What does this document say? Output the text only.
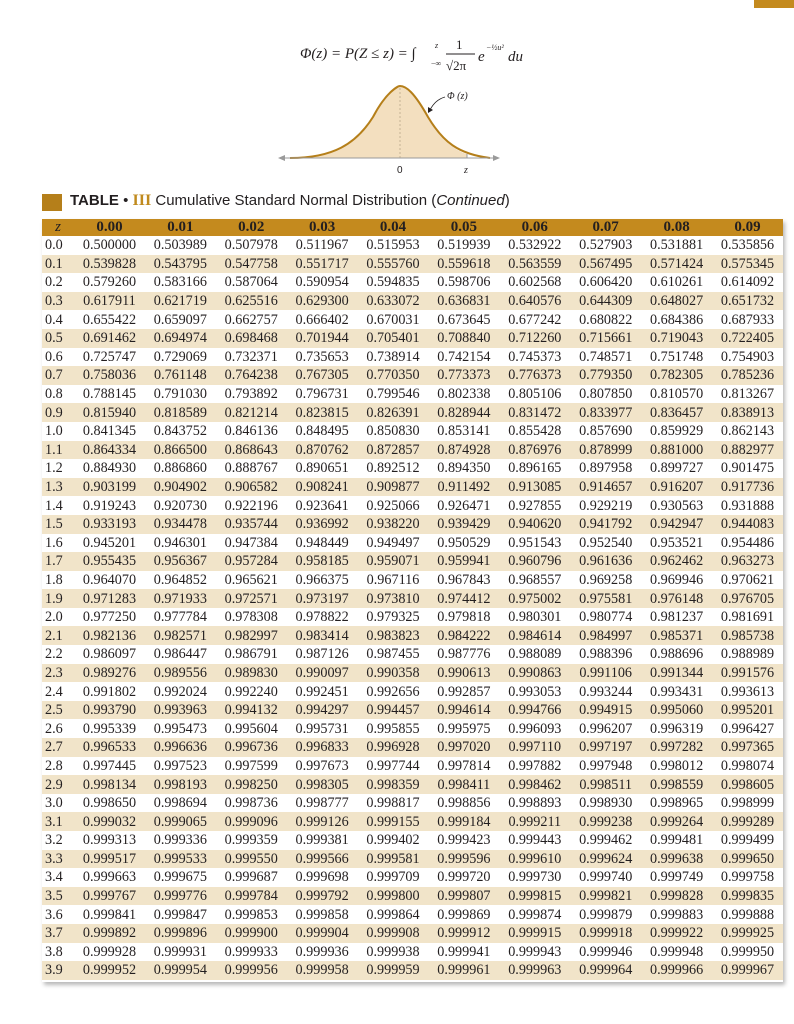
Φ(z) = P(Z ≤ z) = ∫
z
−∞
1
√2π
e
−½u²
du
Φ (z)
0	z
TABLE • III Cumulative Standard Normal Distribution (Continued)
z	0.00	0.01	0.02	0.03	0.04	0.05	0.06	0.07	0.08	0.09
0.0	0.500000	0.503989	0.507978	0.511967	0.515953	0.519939	0.532922	0.527903	0.531881	0.535856
0.1	0.539828	0.543795	0.547758	0.551717	0.555760	0.559618	0.563559	0.567495	0.571424	0.575345
0.2	0.579260	0.583166	0.587064	0.590954	0.594835	0.598706	0.602568	0.606420	0.610261	0.614092
0.3	0.617911	0.621719	0.625516	0.629300	0.633072	0.636831	0.640576	0.644309	0.648027	0.651732
0.4	0.655422	0.659097	0.662757	0.666402	0.670031	0.673645	0.677242	0.680822	0.684386	0.687933
0.5	0.691462	0.694974	0.698468	0.701944	0.705401	0.708840	0.712260	0.715661	0.719043	0.722405
0.6	0.725747	0.729069	0.732371	0.735653	0.738914	0.742154	0.745373	0.748571	0.751748	0.754903
0.7	0.758036	0.761148	0.764238	0.767305	0.770350	0.773373	0.776373	0.779350	0.782305	0.785236
0.8	0.788145	0.791030	0.793892	0.796731	0.799546	0.802338	0.805106	0.807850	0.810570	0.813267
0.9	0.815940	0.818589	0.821214	0.823815	0.826391	0.828944	0.831472	0.833977	0.836457	0.838913
1.0	0.841345	0.843752	0.846136	0.848495	0.850830	0.853141	0.855428	0.857690	0.859929	0.862143
1.1	0.864334	0.866500	0.868643	0.870762	0.872857	0.874928	0.876976	0.878999	0.881000	0.882977
1.2	0.884930	0.886860	0.888767	0.890651	0.892512	0.894350	0.896165	0.897958	0.899727	0.901475
1.3	0.903199	0.904902	0.906582	0.908241	0.909877	0.911492	0.913085	0.914657	0.916207	0.917736
1.4	0.919243	0.920730	0.922196	0.923641	0.925066	0.926471	0.927855	0.929219	0.930563	0.931888
1.5	0.933193	0.934478	0.935744	0.936992	0.938220	0.939429	0.940620	0.941792	0.942947	0.944083
1.6	0.945201	0.946301	0.947384	0.948449	0.949497	0.950529	0.951543	0.952540	0.953521	0.954486
1.7	0.955435	0.956367	0.957284	0.958185	0.959071	0.959941	0.960796	0.961636	0.962462	0.963273
1.8	0.964070	0.964852	0.965621	0.966375	0.967116	0.967843	0.968557	0.969258	0.969946	0.970621
1.9	0.971283	0.971933	0.972571	0.973197	0.973810	0.974412	0.975002	0.975581	0.976148	0.976705
2.0	0.977250	0.977784	0.978308	0.978822	0.979325	0.979818	0.980301	0.980774	0.981237	0.981691
2.1	0.982136	0.982571	0.982997	0.983414	0.983823	0.984222	0.984614	0.984997	0.985371	0.985738
2.2	0.986097	0.986447	0.986791	0.987126	0.987455	0.987776	0.988089	0.988396	0.988696	0.988989
2.3	0.989276	0.989556	0.989830	0.990097	0.990358	0.990613	0.990863	0.991106	0.991344	0.991576
2.4	0.991802	0.992024	0.992240	0.992451	0.992656	0.992857	0.993053	0.993244	0.993431	0.993613
2.5	0.993790	0.993963	0.994132	0.994297	0.994457	0.994614	0.994766	0.994915	0.995060	0.995201
2.6	0.995339	0.995473	0.995604	0.995731	0.995855	0.995975	0.996093	0.996207	0.996319	0.996427
2.7	0.996533	0.996636	0.996736	0.996833	0.996928	0.997020	0.997110	0.997197	0.997282	0.997365
2.8	0.997445	0.997523	0.997599	0.997673	0.997744	0.997814	0.997882	0.997948	0.998012	0.998074
2.9	0.998134	0.998193	0.998250	0.998305	0.998359	0.998411	0.998462	0.998511	0.998559	0.998605
3.0	0.998650	0.998694	0.998736	0.998777	0.998817	0.998856	0.998893	0.998930	0.998965	0.998999
3.1	0.999032	0.999065	0.999096	0.999126	0.999155	0.999184	0.999211	0.999238	0.999264	0.999289
3.2	0.999313	0.999336	0.999359	0.999381	0.999402	0.999423	0.999443	0.999462	0.999481	0.999499
3.3	0.999517	0.999533	0.999550	0.999566	0.999581	0.999596	0.999610	0.999624	0.999638	0.999650
3.4	0.999663	0.999675	0.999687	0.999698	0.999709	0.999720	0.999730	0.999740	0.999749	0.999758
3.5	0.999767	0.999776	0.999784	0.999792	0.999800	0.999807	0.999815	0.999821	0.999828	0.999835
3.6	0.999841	0.999847	0.999853	0.999858	0.999864	0.999869	0.999874	0.999879	0.999883	0.999888
3.7	0.999892	0.999896	0.999900	0.999904	0.999908	0.999912	0.999915	0.999918	0.999922	0.999925
3.8	0.999928	0.999931	0.999933	0.999936	0.999938	0.999941	0.999943	0.999946	0.999948	0.999950
3.9	0.999952	0.999954	0.999956	0.999958	0.999959	0.999961	0.999963	0.999964	0.999966	0.999967
